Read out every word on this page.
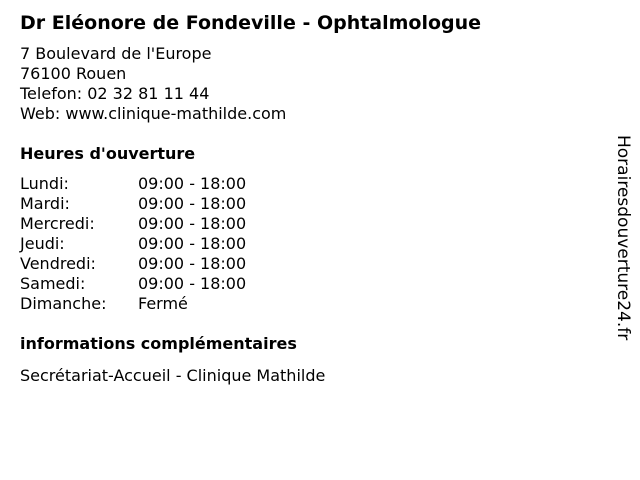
Dr Eléonore de Fondeville - Ophtalmologue
7 Boulevard de l'Europe
76100 Rouen
Telefon: 02 32 81 11 44
Web: www.clinique-mathilde.com
Heures d'ouverture
Lundi:	09:00 - 18:00
Mardi:	09:00 - 18:00
Mercredi:	09:00 - 18:00
Jeudi:	09:00 - 18:00
Vendredi:	09:00 - 18:00
Samedi:	09:00 - 18:00
Dimanche:	Fermé
informations complémentaires
Secrétariat-Accueil - Clinique Mathilde
Horairesdouverture24.fr
